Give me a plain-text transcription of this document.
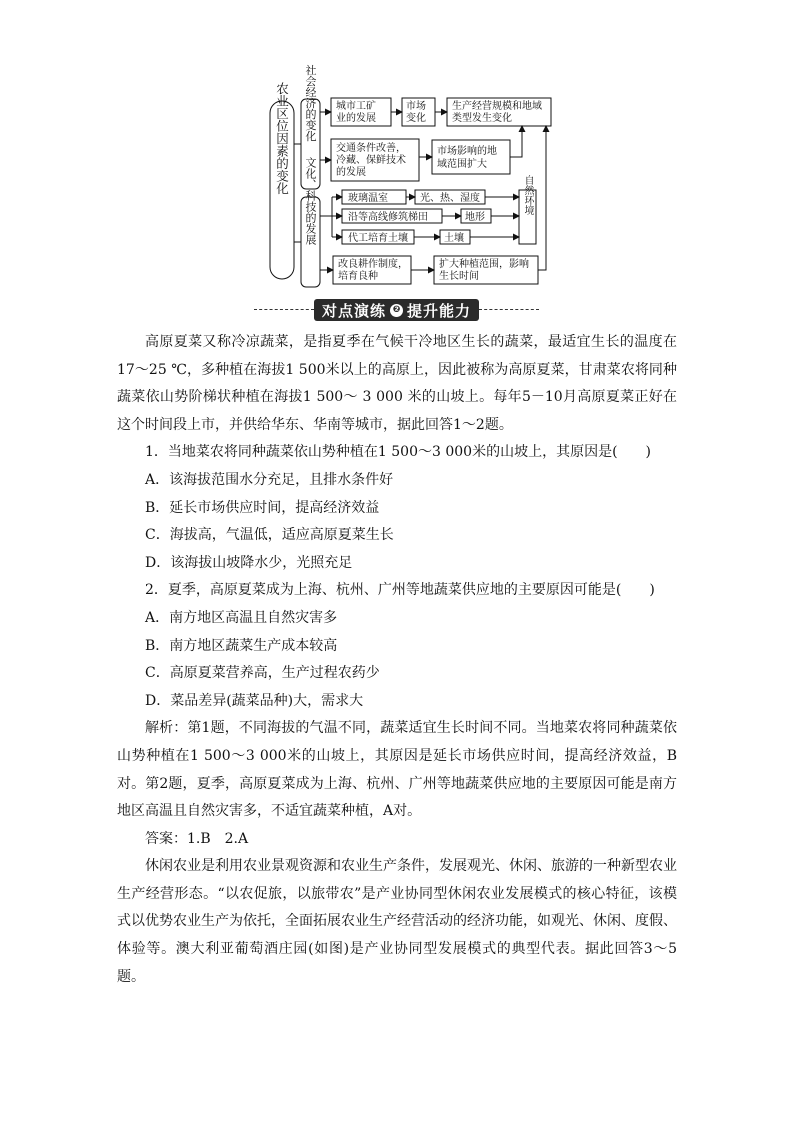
农业区位因素的变化 社会经济的变化
文化、科技的发展
城市工矿
业的发展
市场
变化
生产经营规模和地域
类型发生变化
交通条件改善，
冷藏、保鲜技术
的发展
市场影响的地
域范围扩大
玻璃温室	光、热、湿度
沿等高线修筑梯田	地形
代工培育土壤	土壤
自然环境
改良耕作制度，
培育良种
扩大种植范围，影响
生长时间
对点演练 ❷ 提升能力

高原夏菜又称冷凉蔬菜，是指夏季在气候干冷地区生长的蔬菜，最适宜生长的温度在17～25 ℃，多种植在海拔1 500米以上的高原上，因此被称为高原夏菜，甘肃菜农将同种蔬菜依山势阶梯状种植在海拔1 500～ 3 000 米的山坡上。每年5－10月高原夏菜正好在这个时间段上市，并供给华东、华南等城市，据此回答1～2题。

1．当地菜农将同种蔬菜依山势种植在1 500～3 000米的山坡上，其原因是(　　)

A．该海拔范围水分充足，且排水条件好

B．延长市场供应时间，提高经济效益

C．海拔高，气温低，适应高原夏菜生长

D．该海拔山坡降水少，光照充足

2．夏季，高原夏菜成为上海、杭州、广州等地蔬菜供应地的主要原因可能是(　　)

A．南方地区高温且自然灾害多

B．南方地区蔬菜生产成本较高

C．高原夏菜营养高，生产过程农药少

D．菜品差异(蔬菜品种)大，需求大

解析：第1题，不同海拔的气温不同，蔬菜适宜生长时间不同。当地菜农将同种蔬菜依山势种植在1 500～3 000米的山坡上，其原因是延长市场供应时间，提高经济效益，B对。第2题，夏季，高原夏菜成为上海、杭州、广州等地蔬菜供应地的主要原因可能是南方地区高温且自然灾害多，不适宜蔬菜种植，A对。

答案：1.B　2.A

休闲农业是利用农业景观资源和农业生产条件，发展观光、休闲、旅游的一种新型农业生产经营形态。“以农促旅，以旅带农”是产业协同型休闲农业发展模式的核心特征，该模式以优势农业生产为依托，全面拓展农业生产经营活动的经济功能，如观光、休闲、度假、体验等。澳大利亚葡萄酒庄园(如图)是产业协同型发展模式的典型代表。据此回答3～5题。
